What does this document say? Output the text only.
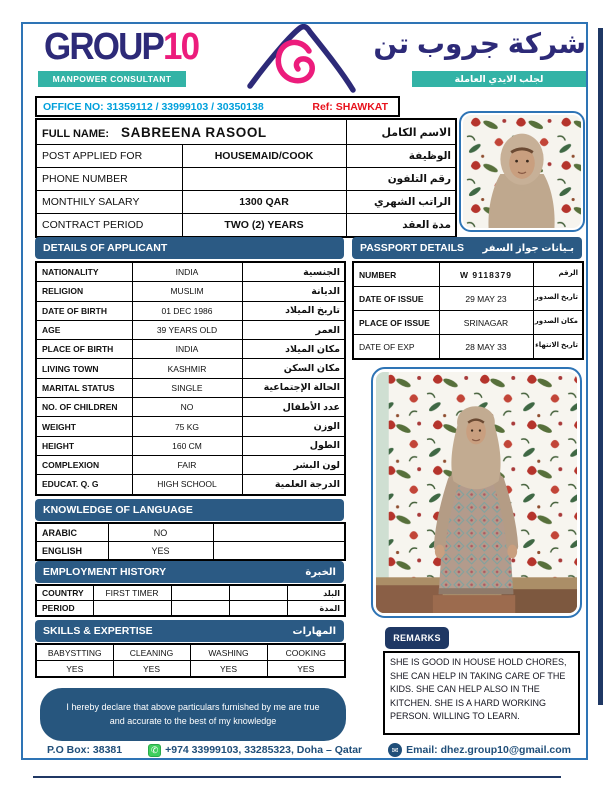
GROUP10
MANPOWER CONSULTANT
شركة جروب تن
لجلب الايدي العاملة
OFFICE NO: 31359112 / 33999103 / 30350138	Ref: SHAWKAT
FULL NAME: SABREENA RASOOL		الاسم الكامل
POST APPLIED FOR	HOUSEMAID/COOK	الوظيفة
PHONE NUMBER		رقم التلفون
MONTHILY SALARY	1300 QAR	الراتب الشهري
CONTRACT PERIOD	TWO (2) YEARS	مدة العقد
DETAILS OF APPLICANT
NATIONALITY	INDIA	الجنسية
RELIGION	MUSLIM	الديانة
DATE OF BIRTH	01 DEC 1986	تاريخ الميلاد
AGE	39 YEARS OLD	العمر
PLACE OF BIRTH	INDIA	مكان الميلاد
LIVING TOWN	KASHMIR	مكان السكن
MARITAL STATUS	SINGLE	الحالة الإجتماعية
NO. OF CHILDREN	NO	عدد الأطفال
WEIGHT	75 KG	الوزن
HEIGHT	160 CM	الطول
COMPLEXION	FAIR	لون البشر
EDUCAT. Q. G	HIGH SCHOOL	الدرجة العلمية
PASSPORT DETAILS بـيانات جواز السفر
NUMBER	W 9118379	الرقم
DATE OF ISSUE	29 MAY 23	تاريخ الصدور
PLACE OF ISSUE	SRINAGAR	مكان الصدور
DATE OF EXP	28 MAY 33	تاريخ الانتهاء
KNOWLEDGE OF LANGUAGE
ARABIC	NO	
ENGLISH	YES	
EMPLOYMENT HISTORY	الخبرة
COUNTRY	FIRST TIMER			البلد
PERIOD				المدة
SKILLS & EXPERTISE	المهارات
BABYSTTING	CLEANING	WASHING	COOKING
YES	YES	YES	YES
I hereby declare that above particulars furnished by me are true and accurate to the best of my knowledge
REMARKS
SHE IS GOOD IN HOUSE HOLD CHORES, SHE CAN HELP IN TAKING CARE OF THE KIDS. SHE CAN HELP ALSO IN THE KITCHEN. SHE IS A HARD WORKING PERSON. WILLING TO LEARN.
P.O Box: 38381	✆ +974 33999103, 33285323, Doha – Qatar	✉ Email: dhez.group10@gmail.com
